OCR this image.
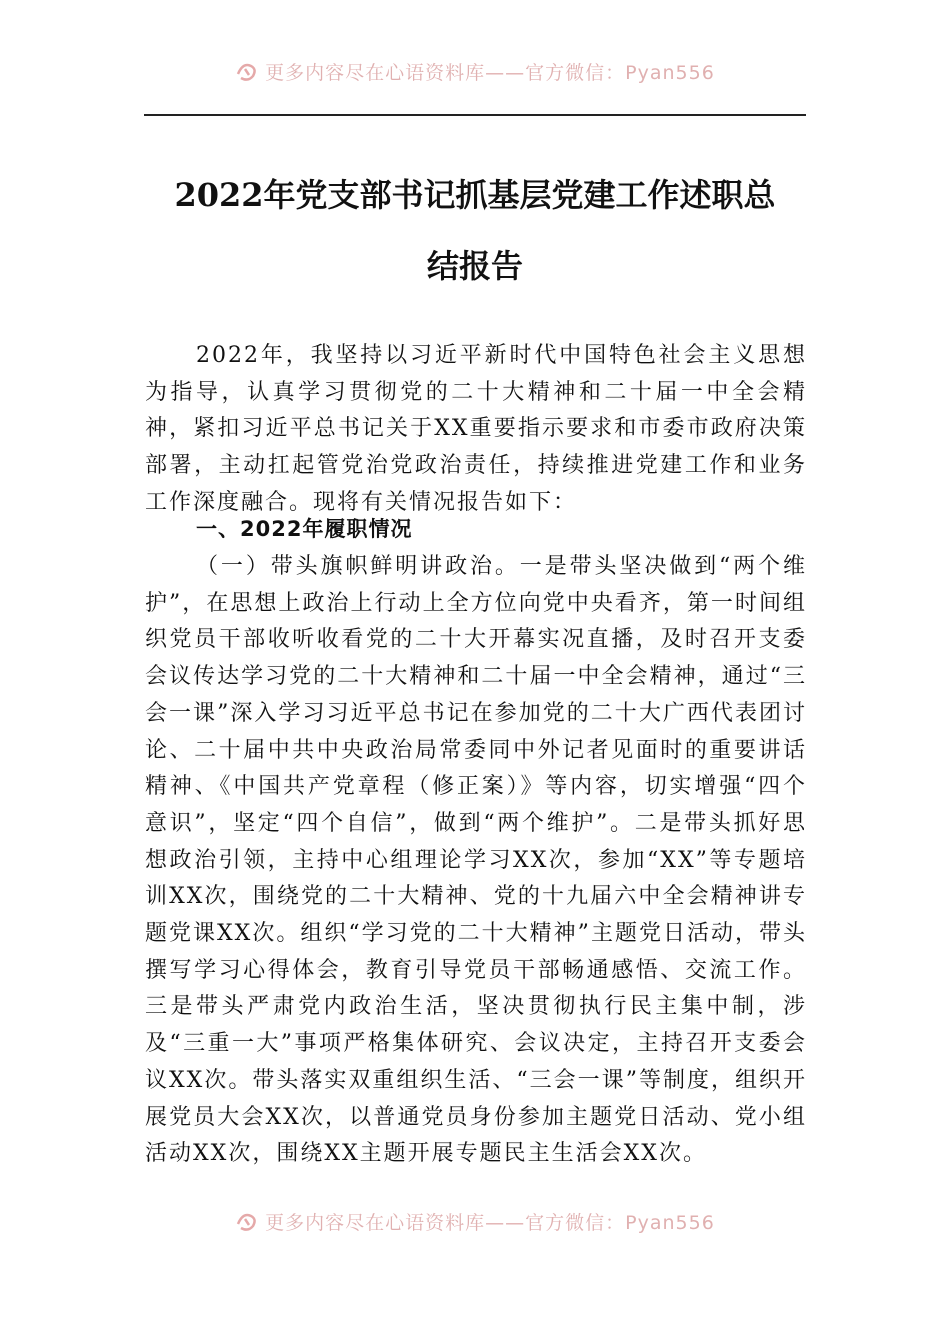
更多内容尽在心语资料库——官方微信：Pyan556
2022年党支部书记抓基层党建工作述职总
结报告

2022年，我坚持以习近平新时代中国特色社会主义思想为指导，认真学习贯彻党的二十大精神和二十届一中全会精神，紧扣习近平总书记关于XX重要指示要求和市委市政府决策部署，主动扛起管党治党政治责任，持续推进党建工作和业务工作深度融合。现将有关情况报告如下：

一、2022年履职情况

（一）带头旗帜鲜明讲政治。一是带头坚决做到“两个维护”，在思想上政治上行动上全方位向党中央看齐，第一时间组织党员干部收听收看党的二十大开幕实况直播，及时召开支委会议传达学习党的二十大精神和二十届一中全会精神，通过“三会一课”深入学习习近平总书记在参加党的二十大广西代表团讨论、二十届中共中央政治局常委同中外记者见面时的重要讲话精神、《中国共产党章程（修正案）》等内容，切实增强“四个意识”，坚定“四个自信”，做到“两个维护”。二是带头抓好思想政治引领，主持中心组理论学习XX次，参加“XX”等专题培训XX次，围绕党的二十大精神、党的十九届六中全会精神讲专题党课XX次。组织“学习党的二十大精神”主题党日活动，带头撰写学习心得体会，教育引导党员干部畅通感悟、交流工作。三是带头严肃党内政治生活，坚决贯彻执行民主集中制，涉及“三重一大”事项严格集体研究、会议决定，主持召开支委会议XX次。带头落实双重组织生活、“三会一课”等制度，组织开展党员大会XX次，以普通党员身份参加主题党日活动、党小组活动XX次，围绕XX主题开展专题民主生活会XX次。

更多内容尽在心语资料库——官方微信：Pyan556
